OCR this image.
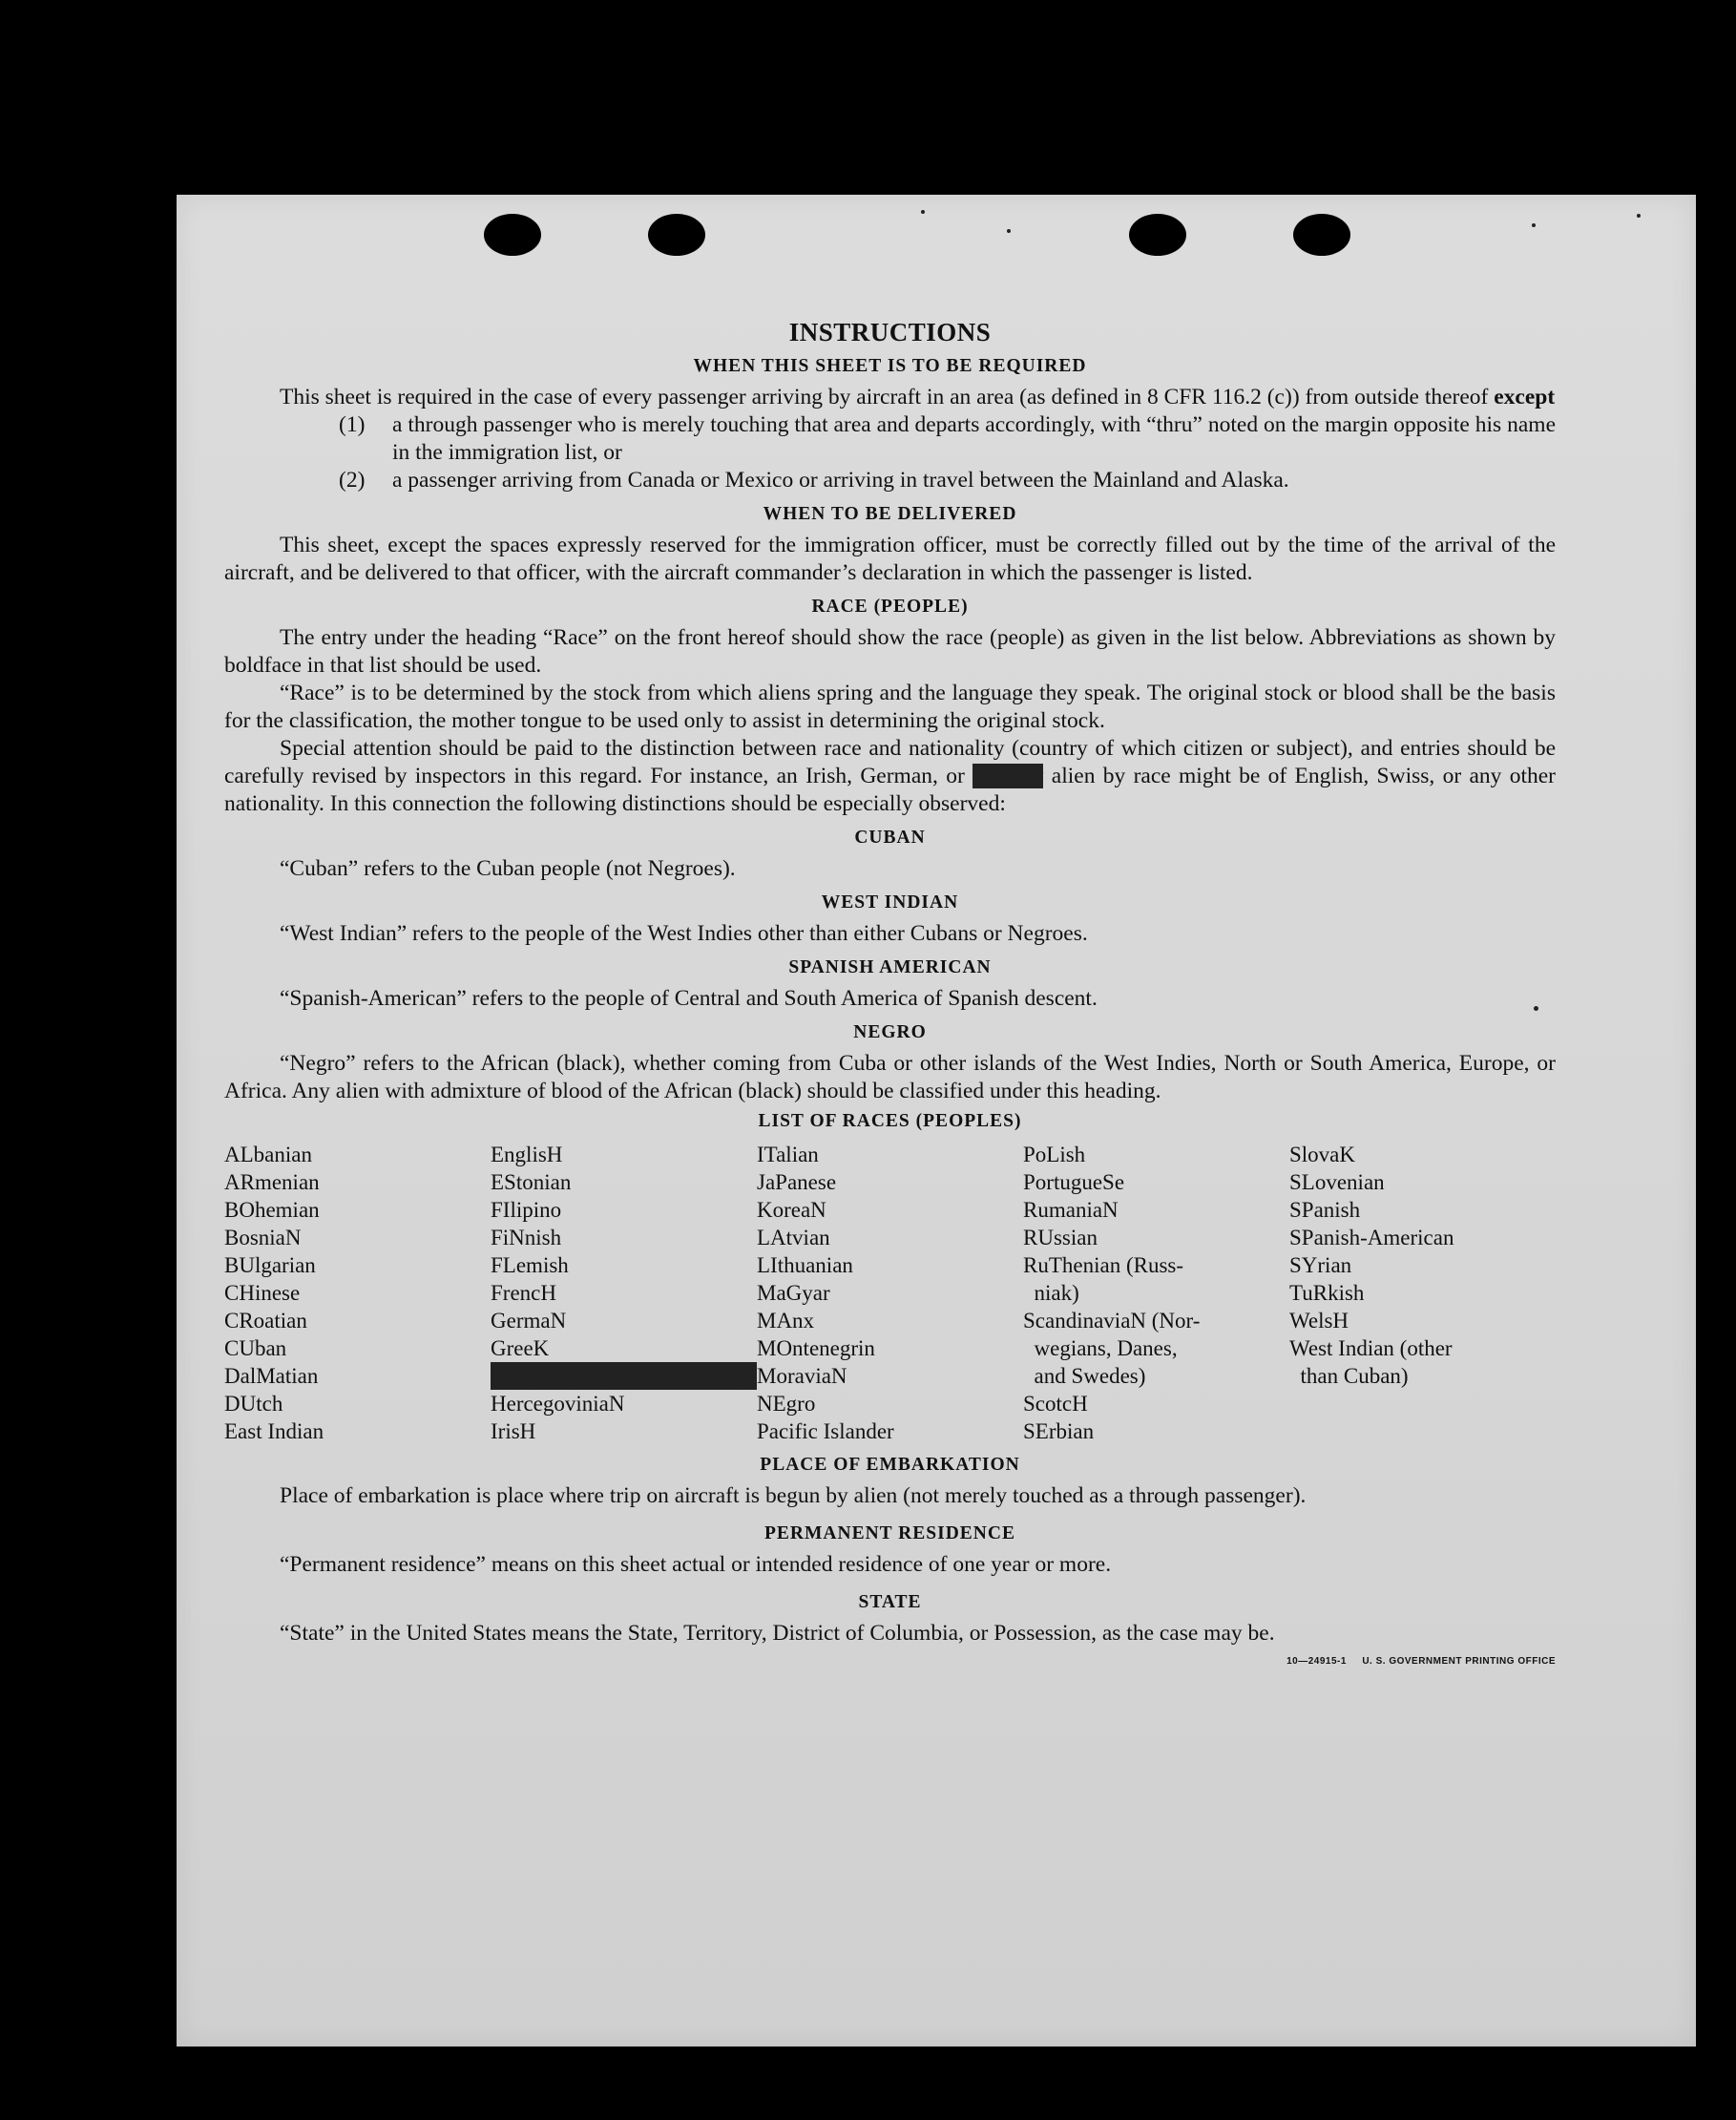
INSTRUCTIONS
WHEN THIS SHEET IS TO BE REQUIRED

This sheet is required in the case of every passenger arriving by aircraft in an area (as defined in 8 CFR 116.2 (c)) from outside thereof except

(1)	a through passenger who is merely touching that area and departs accordingly, with “thru” noted on the margin opposite his name in the immigration list, or
(2)	a passenger arriving from Canada or Mexico or arriving in travel between the Mainland and Alaska.
WHEN TO BE DELIVERED

This sheet, except the spaces expressly reserved for the immigration officer, must be correctly filled out by the time of the arrival of the aircraft, and be delivered to that officer, with the aircraft commander’s declaration in which the passenger is listed.

RACE (PEOPLE)

The entry under the heading “Race” on the front hereof should show the race (people) as given in the list below. Abbreviations as shown by boldface in that list should be used.

“Race” is to be determined by the stock from which aliens spring and the language they speak. The original stock or blood shall be the basis for the classification, the mother tongue to be used only to assist in determining the original stock.

Special attention should be paid to the distinction between race and nationality (country of which citizen or subject), and entries should be carefully revised by inspectors in this regard. For instance, an Irish, German, or Hebrew alien by race might be of English, Swiss, or any other nationality. In this connection the following distinctions should be especially observed:

CUBAN

“Cuban” refers to the Cuban people (not Negroes).

WEST INDIAN

“West Indian” refers to the people of the West Indies other than either Cubans or Negroes.

SPANISH AMERICAN

“Spanish-American” refers to the people of Central and South America of Spanish descent.

NEGRO

“Negro” refers to the African (black), whether coming from Cuba or other islands of the West Indies, North or South America, Europe, or Africa. Any alien with admixture of blood of the African (black) should be classified under this heading.

LIST OF RACES (PEOPLES)
ALbanian
ARmenian
BOhemian
BosniaN
BUlgarian
CHinese
CRoatian
CUban
DalMatian
DUtch
East Indian
EnglisH
EStonian
FIlipino
FiNnish
FLemish
FrencH
GermaN
GreeK
HebreW
HercegoviniaN
IrisH
ITalian
JaPanese
KoreaN
LAtvian
LIthuanian
MaGyar
MAnx
MOntenegrin
MoraviaN
NEgro
Pacific Islander
PoLish
PortugueSe
RumaniaN
RUssian
RuThenian (Russ-
niak)
ScandinaviaN (Nor-
wegians, Danes,
and Swedes)
ScotcH
SErbian
SlovaK
SLovenian
SPanish
SPanish-American
SYrian
TuRkish
WelsH
West Indian (other
than Cuban)
PLACE OF EMBARKATION

Place of embarkation is place where trip on aircraft is begun by alien (not merely touched as a through passenger).

PERMANENT RESIDENCE

“Permanent residence” means on this sheet actual or intended residence of one year or more.

STATE

“State” in the United States means the State, Territory, District of Columbia, or Possession, as the case may be.

10—24915-1 U. S. GOVERNMENT PRINTING OFFICE
